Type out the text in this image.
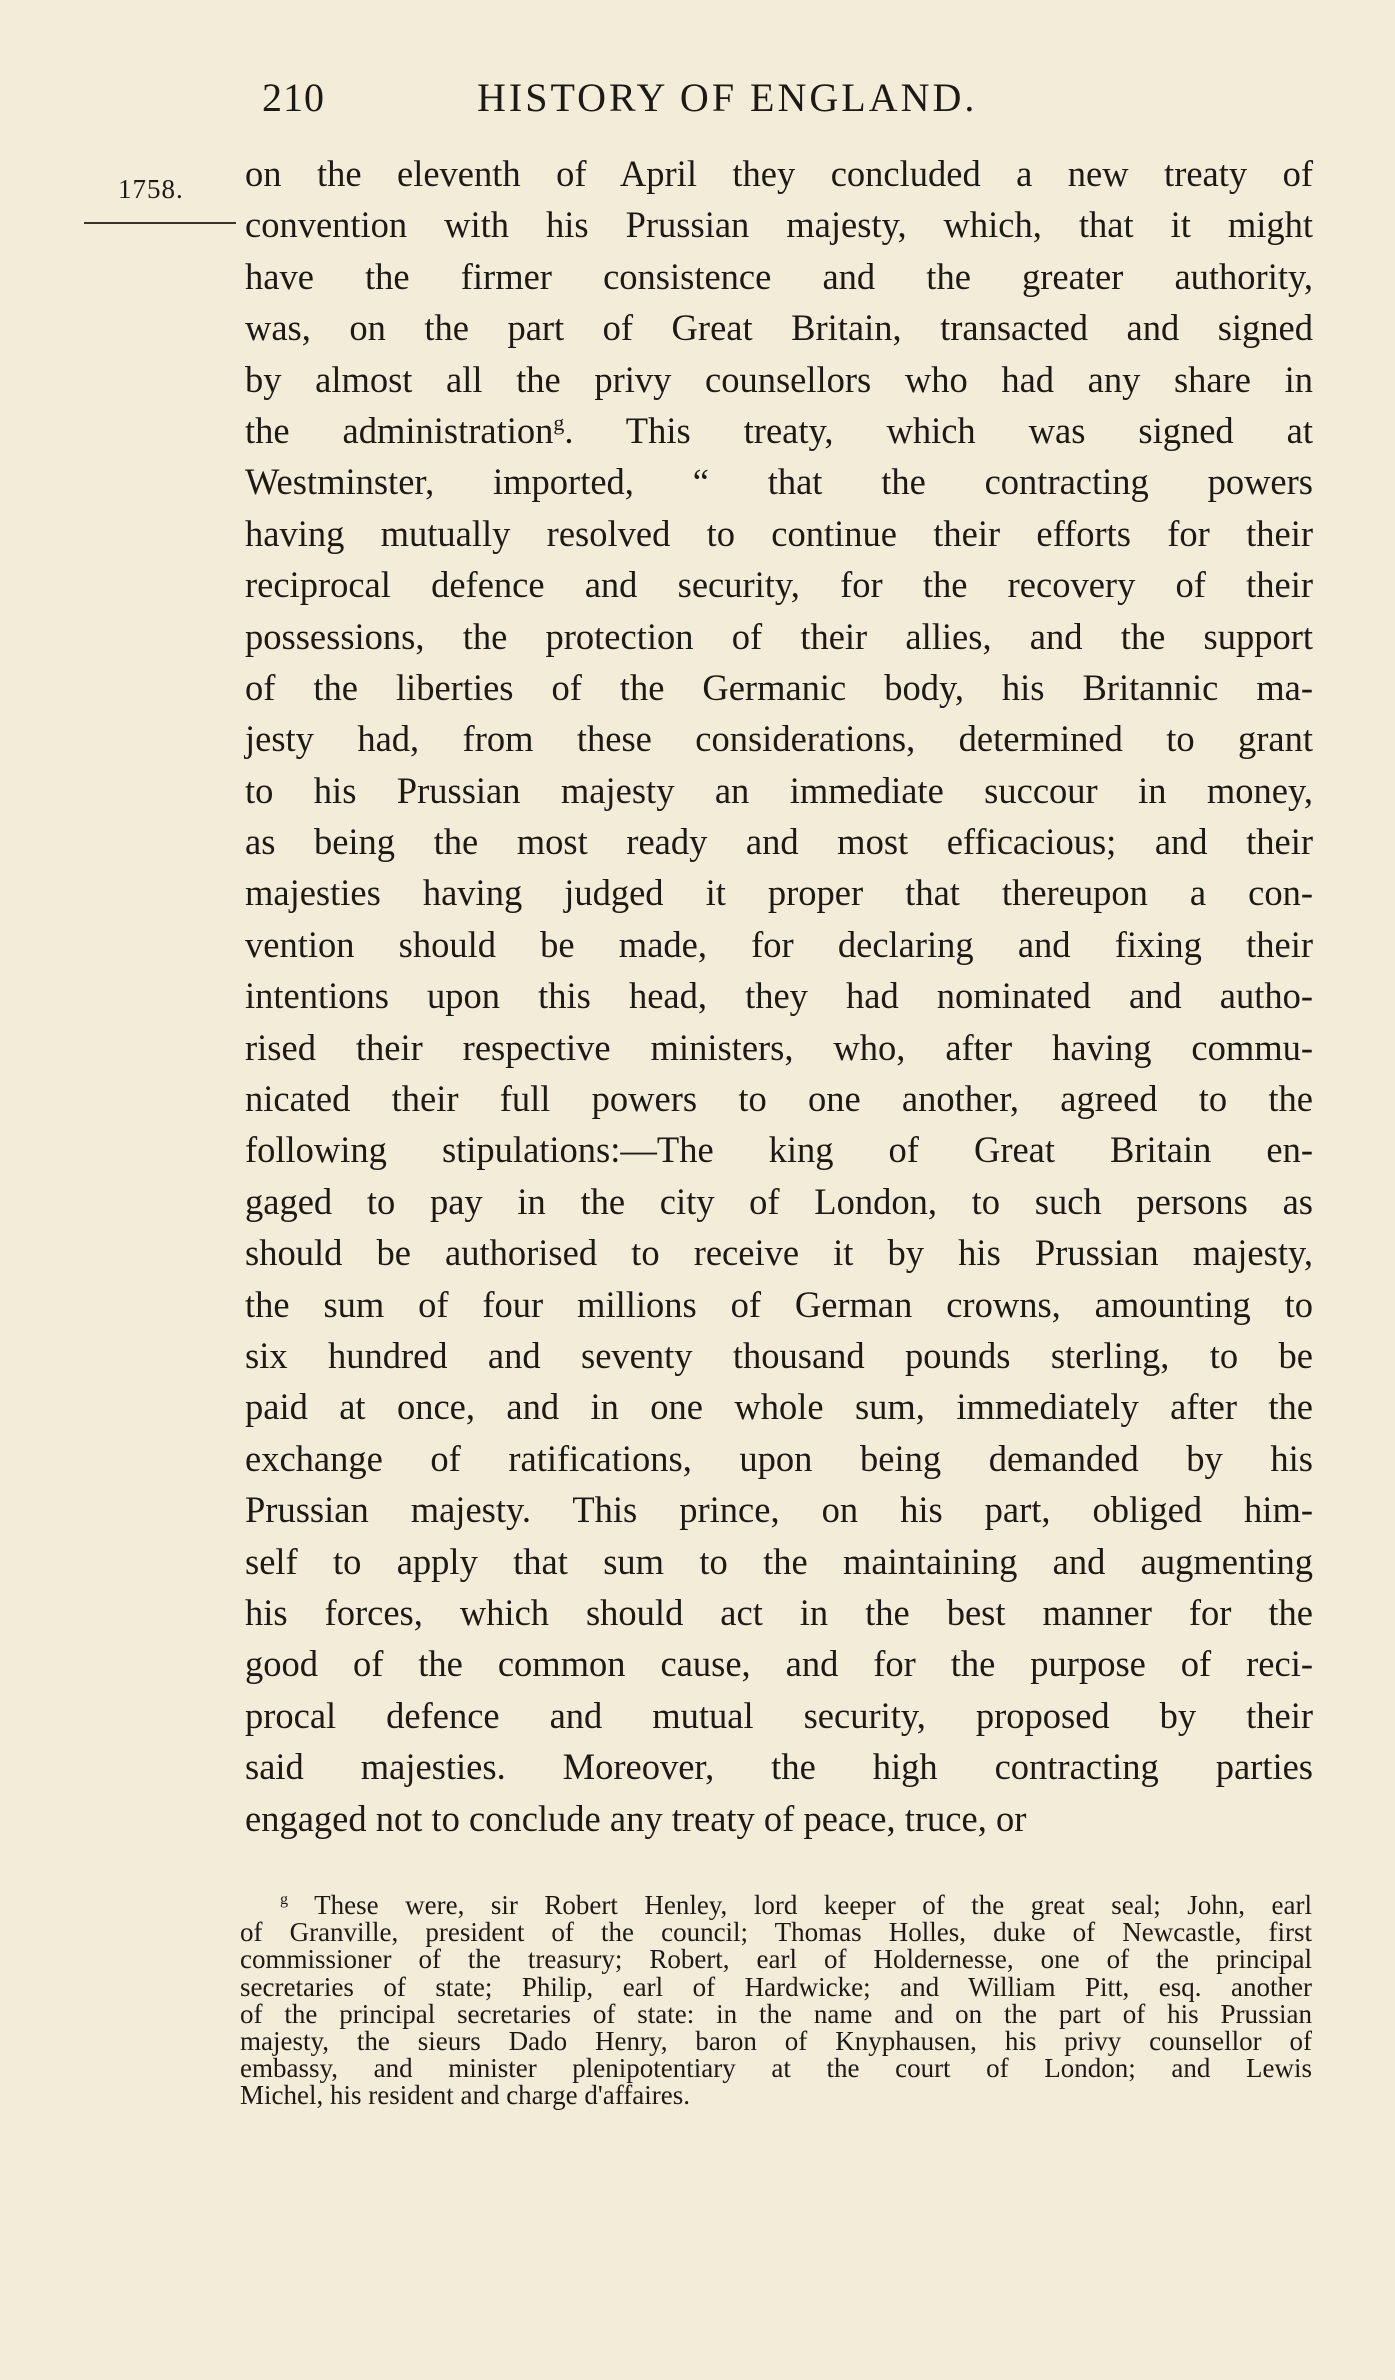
210	HISTORY OF ENGLAND.
1758. on the eleventh of April they concluded a new treaty of
convention with his Prussian majesty, which, that it might
have the firmer consistence and the greater authority,
was, on the part of Great Britain, transacted and signed
by almost all the privy counsellors who had any share in
the administration$^g$. This treaty, which was signed at
Westminster, imported, “ that the contracting powers
having mutually resolved to continue their efforts for their
reciprocal defence and security, for the recovery of their
possessions, the protection of their allies, and the support
of the liberties of the Germanic body, his Britannic ma-
jesty had, from these considerations, determined to grant
to his Prussian majesty an immediate succour in money,
as being the most ready and most efficacious; and their
majesties having judged it proper that thereupon a con-
vention should be made, for declaring and fixing their
intentions upon this head, they had nominated and autho-
rised their respective ministers, who, after having commu-
nicated their full powers to one another, agreed to the
following stipulations:—The king of Great Britain en-
gaged to pay in the city of London, to such persons as
should be authorised to receive it by his Prussian majesty,
the sum of four millions of German crowns, amounting to
six hundred and seventy thousand pounds sterling, to be
paid at once, and in one whole sum, immediately after the
exchange of ratifications, upon being demanded by his
Prussian majesty. This prince, on his part, obliged him-
self to apply that sum to the maintaining and augmenting
his forces, which should act in the best manner for the
good of the common cause, and for the purpose of reci-
procal defence and mutual security, proposed by their
said majesties. Moreover, the high contracting parties
engaged not to conclude any treaty of peace, truce, or
$^g$ These were, sir Robert Henley, lord keeper of the great seal; John, earl
of Granville, president of the council; Thomas Holles, duke of Newcastle, first
commissioner of the treasury; Robert, earl of Holdernesse, one of the principal
secretaries of state; Philip, earl of Hardwicke; and William Pitt, esq. another
of the principal secretaries of state: in the name and on the part of his Prussian
majesty, the sieurs Dado Henry, baron of Knyphausen, his privy counsellor of
embassy, and minister plenipotentiary at the court of London; and Lewis
Michel, his resident and charge d'affaires.
